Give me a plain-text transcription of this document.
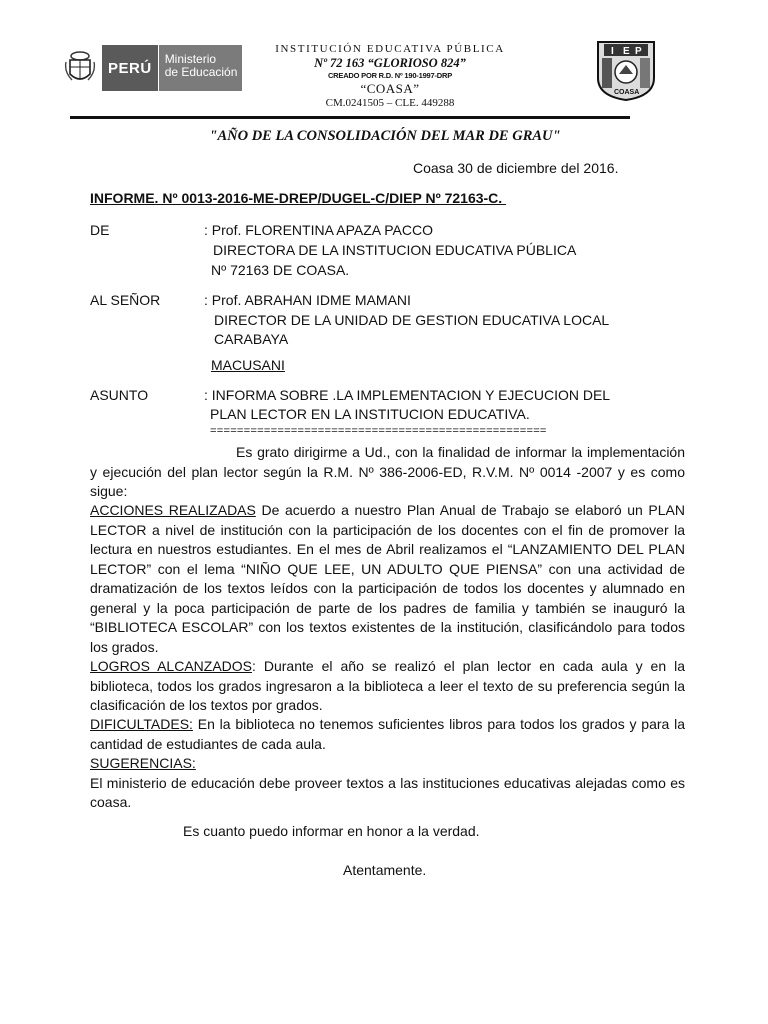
PERÚ
Ministerio
de Educación
INSTITUCIÓN EDUCATIVA PÚBLICA
Nº 72 163 “GLORIOSO 824”
CREADO POR R.D. Nº 190-1997-DRP
“COASA”
CM.0241505 – CLE. 449288
I E P
COASA
"AÑO DE LA CONSOLIDACIÓN DEL MAR DE GRAU"
Coasa 30 de diciembre del 2016.
INFORME. Nº 0013-2016-ME-DREP/DUGEL-C/DIEP Nº 72163-C.
DE	: Prof. FLORENTINA APAZA PACCO
DIRECTORA DE LA INSTITUCION EDUCATIVA PÚBLICA
Nº 72163 DE COASA.
AL SEÑOR	: Prof. ABRAHAN IDME MAMANI
DIRECTOR DE LA UNIDAD DE GESTION EDUCATIVA LOCAL
CARABAYA
MACUSANI
ASUNTO	: INFORMA SOBRE .LA IMPLEMENTACION Y EJECUCION DEL
PLAN LECTOR EN LA INSTITUCION EDUCATIVA.
==================================================
Es grato dirigirme a Ud., con la finalidad de informar la implementación y ejecución del plan lector según la R.M. Nº 386-2006-ED, R.V.M. Nº 0014 -2007 y es como sigue:
ACCIONES REALIZADAS De acuerdo a nuestro Plan Anual de Trabajo se elaboró un PLAN LECTOR a nivel de institución con la participación de los docentes con el fin de promover la lectura en nuestros estudiantes. En el mes de Abril realizamos el “LANZAMIENTO DEL PLAN LECTOR” con el lema “NIÑO QUE LEE, UN ADULTO QUE PIENSA” con una actividad de dramatización de los textos leídos con la participación de todos los docentes y alumnado en general y la poca participación de parte de los padres de familia y también se inauguró la “BIBLIOTECA ESCOLAR” con los textos existentes de la institución, clasificándolo para todos los grados.
LOGROS ALCANZADOS: Durante el año se realizó el plan lector en cada aula y en la biblioteca, todos los grados ingresaron a la biblioteca a leer el texto de su preferencia según la clasificación de los textos por grados.
DIFICULTADES: En la biblioteca no tenemos suficientes libros para todos los grados y para la cantidad de estudiantes de cada aula.
SUGERENCIAS:
El ministerio de educación debe proveer textos a las instituciones educativas alejadas como es coasa.
Es cuanto puedo informar en honor a la verdad.
Atentamente.
